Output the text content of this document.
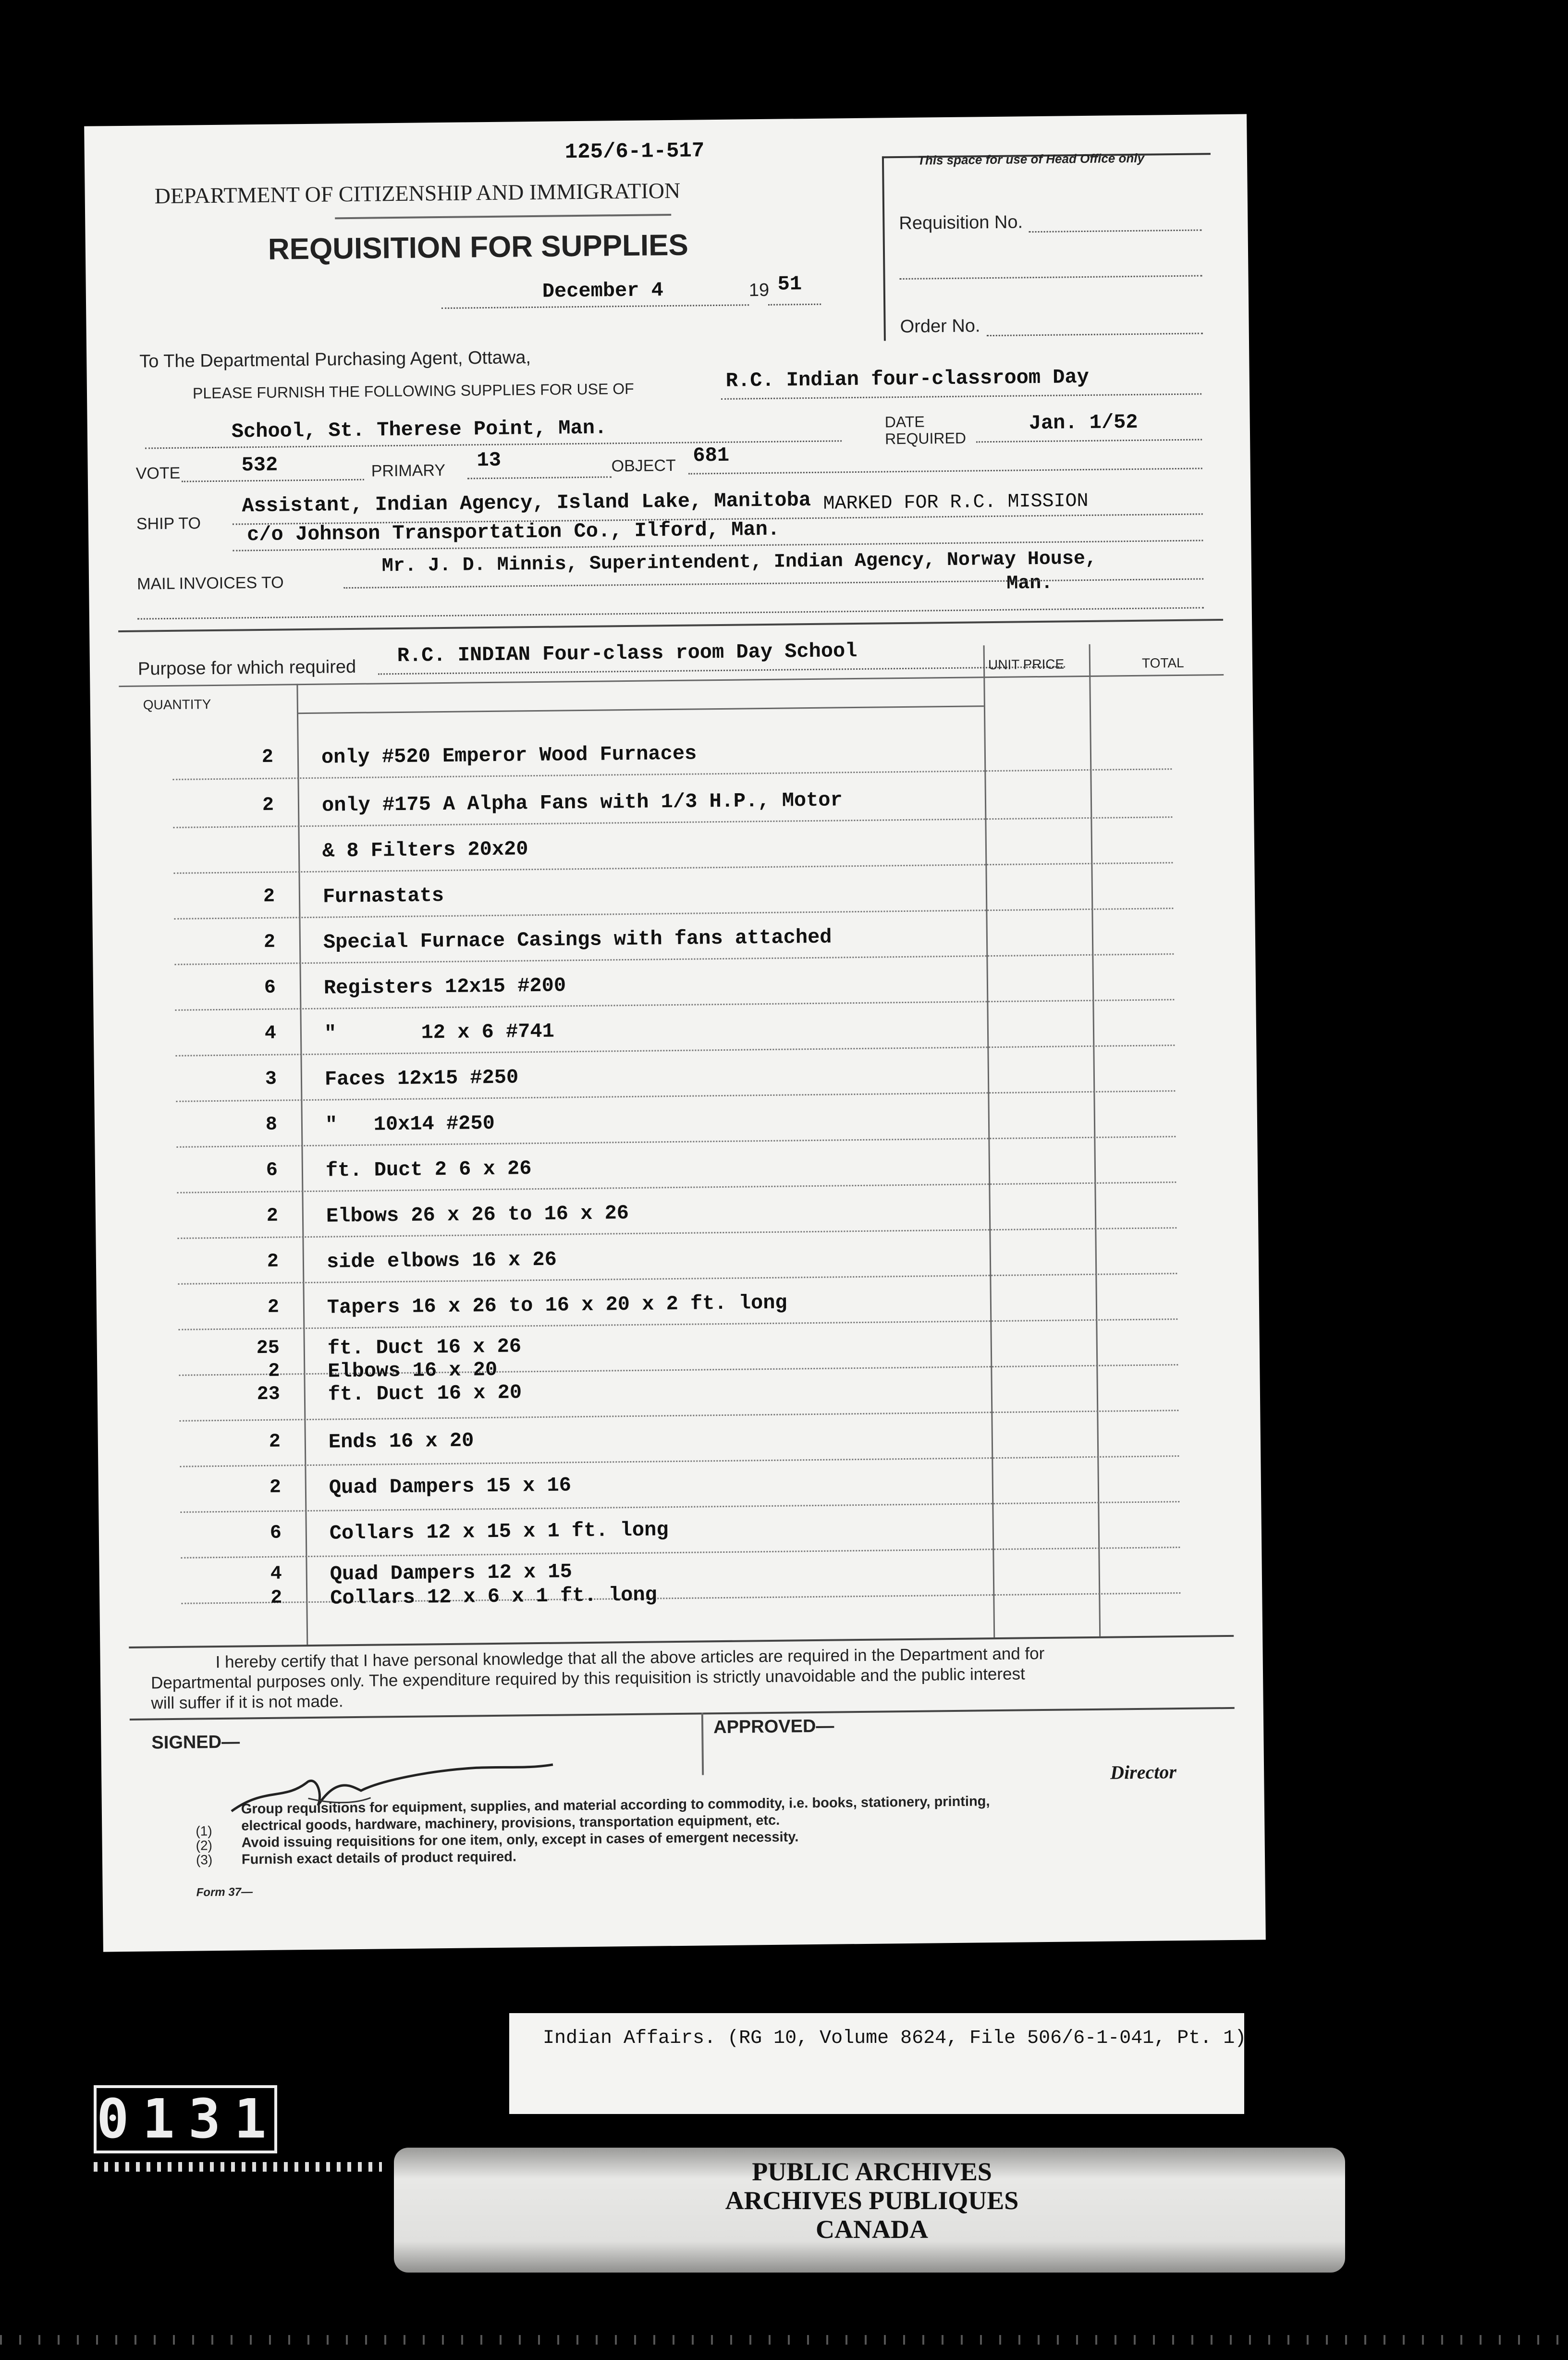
125/6-1-517
DEPARTMENT OF CITIZENSHIP AND IMMIGRATION
REQUISITION FOR SUPPLIES
December 4	19 51
This space for use of Head Office only
Requisition No.
Order No.
To The Departmental Purchasing Agent, Ottawa,
PLEASE FURNISH THE FOLLOWING SUPPLIES FOR USE OF	R.C. Indian four-classroom Day
School, St. Therese Point, Man.	DATE
REQUIRED
Jan. 1/52
VOTE	532	PRIMARY 13	OBJECT 681
SHIP TO
Assistant, Indian Agency, Island Lake, Manitoba
c/o Johnson Transportation Co., Ilford, Man.
MARKED FOR R.C. MISSION
MAIL INVOICES TO
Mr. J. D. Minnis, Superintendent, Indian Agency, Norway House,
Man.
Purpose for which required
R.C. INDIAN Four-class room Day School
QUANTITY
UNIT PRICE	TOTAL
2 only #520 Emperor Wood Furnaces
2 only #175 A Alpha Fans with 1/3 H.P., Motor
& 8 Filters 20x20
2 Furnastats
2 Special Furnace Casings with fans attached
6 Registers 12x15 #200
4 "       12 x 6 #741
3 Faces 12x15 #250
8 "   10x14 #250
6 ft. Duct 2 6 x 26
2 Elbows 26 x 26 to 16 x 26
2 side elbows 16 x 26
2 Tapers 16 x 26 to 16 x 20 x 2 ft. long
25 ft. Duct 16 x 26
2 Elbows 16 x 20
23 ft. Duct 16 x 20
2 Ends 16 x 20
2 Quad Dampers 15 x 16
6 Collars 12 x 15 x 1 ft. long
4 Quad Dampers 12 x 15
2 Collars 12 x 6 x 1 ft. long
I hereby certify that I have personal knowledge that all the above articles are required in the Department and for
Departmental purposes only. The expenditure required by this requisition is strictly unavoidable and the public interest
will suffer if it is not made.
SIGNED—
APPROVED—
Director
(1)
Group requisitions for equipment, supplies, and material according to commodity, i.e. books, stationery, printing,
electrical goods, hardware, machinery, provisions, transportation equipment, etc.
(2) Avoid issuing requisitions for one item, only, except in cases of emergent necessity.
(3) Furnish exact details of product required.
Form 37—
Indian Affairs. (RG 10, Volume 8624, File 506/6-1-041, Pt. 1)
0131
PUBLIC ARCHIVES
ARCHIVES PUBLIQUES
CANADA
